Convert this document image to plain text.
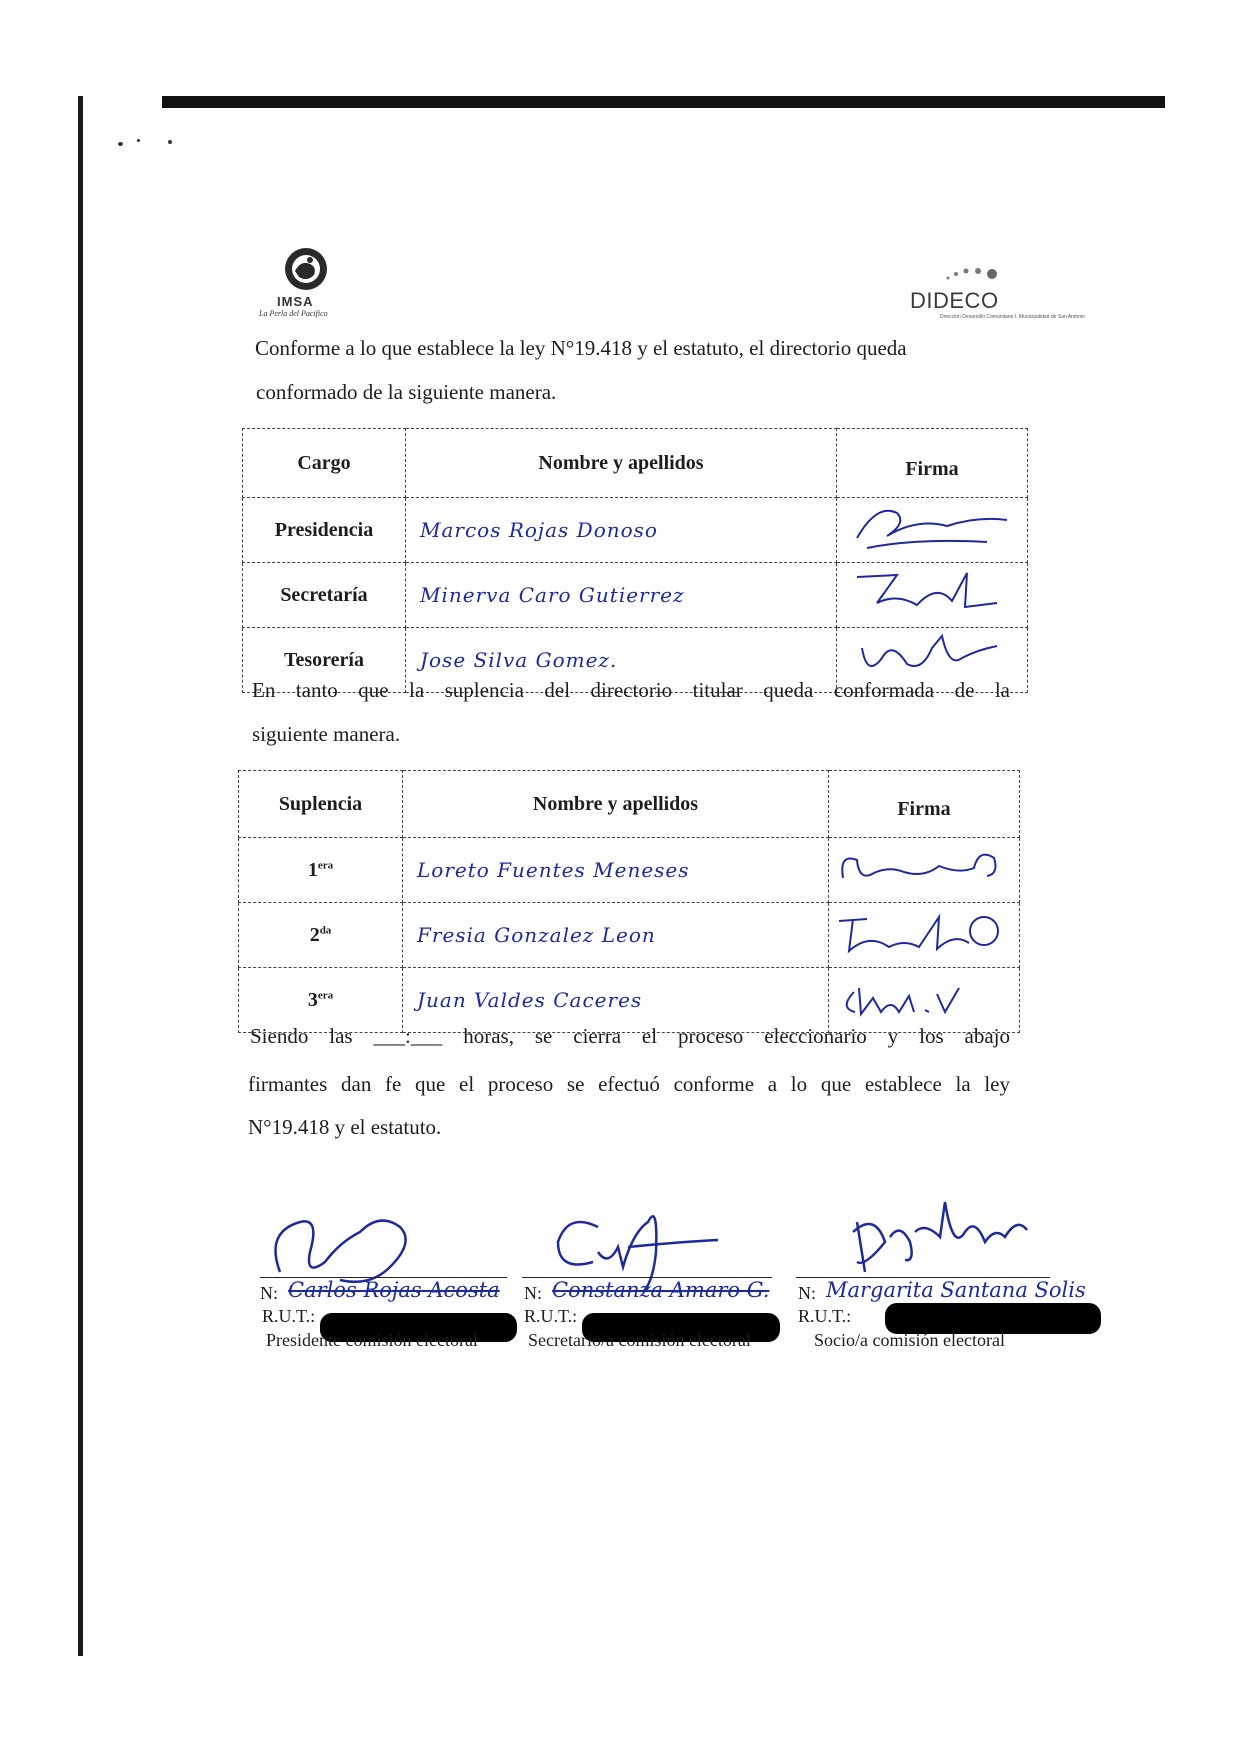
IMSA
La Perla del Pacifico
DIDECO
Dirección Desarrollo Comunitario I. Municipalidad de San Antonio
Conforme a lo que establece la ley N°19.418 y el estatuto, el directorio queda
conformado de la siguiente manera.
Cargo	Nombre y apellidos	Firma
Presidencia	Marcos Rojas Donoso	
Secretaría	Minerva Caro Gutierrez	
Tesorería	Jose Silva Gomez.	
En tanto que la suplencia del directorio titular queda conformada de la
siguiente manera.
Suplencia	Nombre y apellidos	Firma
$1^{era}$	Loreto Fuentes Meneses	
$2^{da}$	Fresia Gonzalez Leon	
$3^{era}$	Juan Valdes Caceres	
Siendo las ___:___ horas, se cierra el proceso eleccionario y los abajo
firmantes dan fe que el proceso se efectuó conforme a lo que establece la ley
N°19.418 y el estatuto.
N: Carlos Rojas Acosta
R.U.T.:
Presidente comisión electoral
N: Constanza Amaro G.
R.U.T.:
Secretario/a comisión electoral
N: Margarita Santana Solis
R.U.T.:
Socio/a comisión electoral
